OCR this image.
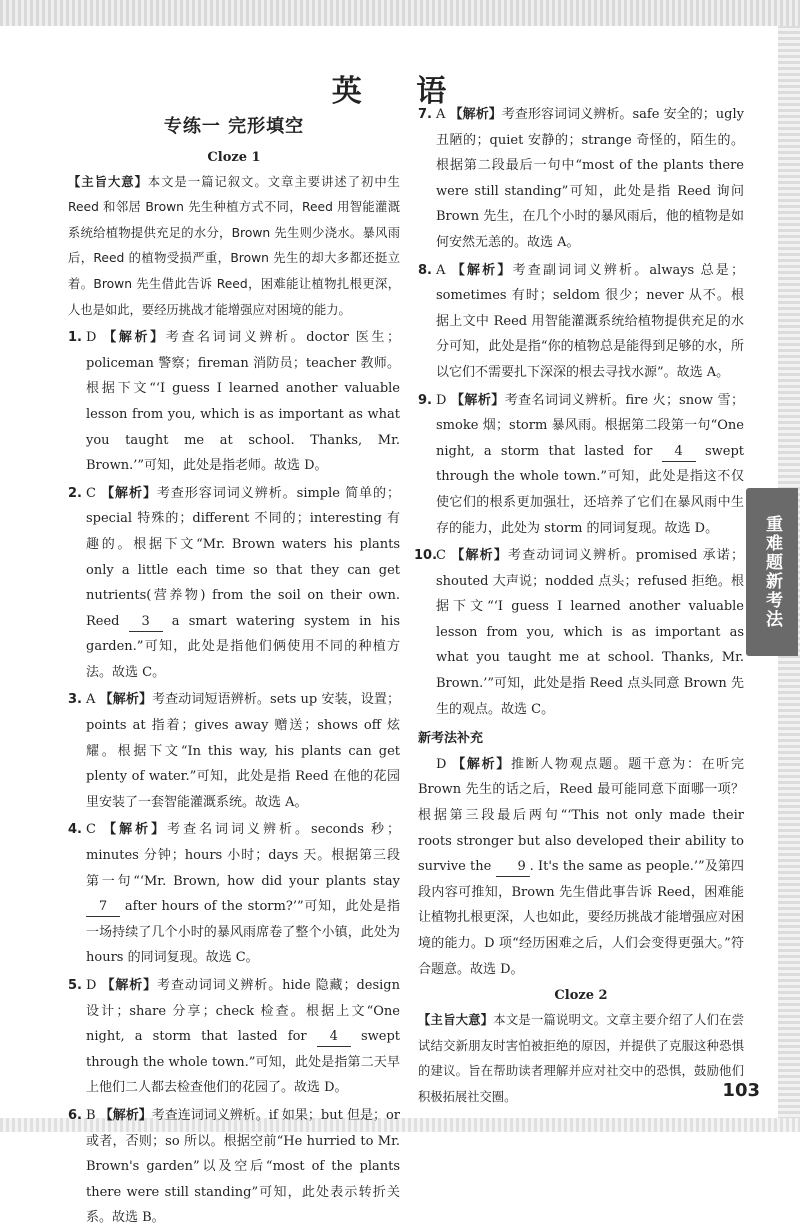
英 语
专练一 完形填空
Cloze 1

【主旨大意】本文是一篇记叙文。文章主要讲述了初中生 Reed 和邻居 Brown 先生种植方式不同，Reed 用智能灌溉系统给植物提供充足的水分，Brown 先生则少浇水。暴风雨后，Reed 的植物受损严重，Brown 先生的却大多都还挺立着。Brown 先生借此告诉 Reed，困难能让植物扎根更深，人也是如此，要经历挑战才能增强应对困境的能力。

1. D 【解析】考查名词词义辨析。doctor 医生；policeman 警察；fireman 消防员；teacher 教师。根据下文“‘I guess I learned another valuable lesson from you, which is as important as what you taught me at school. Thanks, Mr. Brown.’”可知，此处是指老师。故选 D。

2. C 【解析】考查形容词词义辨析。simple 简单的；special 特殊的；different 不同的；interesting 有趣的。根据下文“Mr. Brown waters his plants only a little each time so that they can get nutrients(营养物) from the soil on their own. Reed 3 a smart watering system in his garden.”可知，此处是指他们俩使用不同的种植方法。故选 C。

3. A 【解析】考查动词短语辨析。sets up 安装，设置；points at 指着；gives away 赠送；shows off 炫耀。根据下文“In this way, his plants can get plenty of water.”可知，此处是指 Reed 在他的花园里安装了一套智能灌溉系统。故选 A。

4. C 【解析】考查名词词义辨析。seconds 秒；minutes 分钟；hours 小时；days 天。根据第三段第一句“‘Mr. Brown, how did your plants stay 7 after hours of the storm?’”可知，此处是指一场持续了几个小时的暴风雨席卷了整个小镇，此处为 hours 的同词复现。故选 C。

5. D 【解析】考查动词词义辨析。hide 隐藏；design 设计；share 分享；check 检查。根据上文“One night, a storm that lasted for 4 swept through the whole town.”可知，此处是指第二天早上他们二人都去检查他们的花园了。故选 D。

6. B 【解析】考查连词词义辨析。if 如果；but 但是；or 或者，否则；so 所以。根据空前“He hurried to Mr. Brown's garden”以及空后“most of the plants there were still standing”可知，此处表示转折关系。故选 B。

7. A 【解析】考查形容词词义辨析。safe 安全的；ugly 丑陋的；quiet 安静的；strange 奇怪的，陌生的。根据第二段最后一句中“most of the plants there were still standing”可知，此处是指 Reed 询问 Brown 先生，在几个小时的暴风雨后，他的植物是如何安然无恙的。故选 A。

8. A 【解析】考查副词词义辨析。always 总是；sometimes 有时；seldom 很少；never 从不。根据上文中 Reed 用智能灌溉系统给植物提供充足的水分可知，此处是指“你的植物总是能得到足够的水，所以它们不需要扎下深深的根去寻找水源”。故选 A。

9. D 【解析】考查名词词义辨析。fire 火；snow 雪；smoke 烟；storm 暴风雨。根据第二段第一句“One night, a storm that lasted for 4 swept through the whole town.”可知，此处是指这不仅使它们的根系更加强壮，还培养了它们在暴风雨中生存的能力，此处为 storm 的同词复现。故选 D。

10.
C 【解析】考查动词词义辨析。promised 承诺；shouted 大声说；nodded 点头；refused 拒绝。根据下文“‘I guess I learned another valuable lesson from you, which is as important as what you taught me at school. Thanks, Mr. Brown.’”可知，此处是指 Reed 点头同意 Brown 先生的观点。故选 C。

新考法补充

D 【解析】推断人物观点题。题干意为：在听完 Brown 先生的话之后，Reed 最可能同意下面哪一项？根据第三段最后两句“‘This not only made their roots stronger but also developed their ability to survive the 9 . It's the same as people.’”及第四段内容可推知，Brown 先生借此事告诉 Reed，困难能让植物扎根更深，人也如此，要经历挑战才能增强应对困境的能力。D 项“经历困难之后，人们会变得更强大。”符合题意。故选 D。

Cloze 2

【主旨大意】本文是一篇说明文。文章主要介绍了人们在尝试结交新朋友时害怕被拒绝的原因，并提供了克服这种恐惧的建议。旨在帮助读者理解并应对社交中的恐惧，鼓励他们积极拓展社交圈。

重难题新考法
103
